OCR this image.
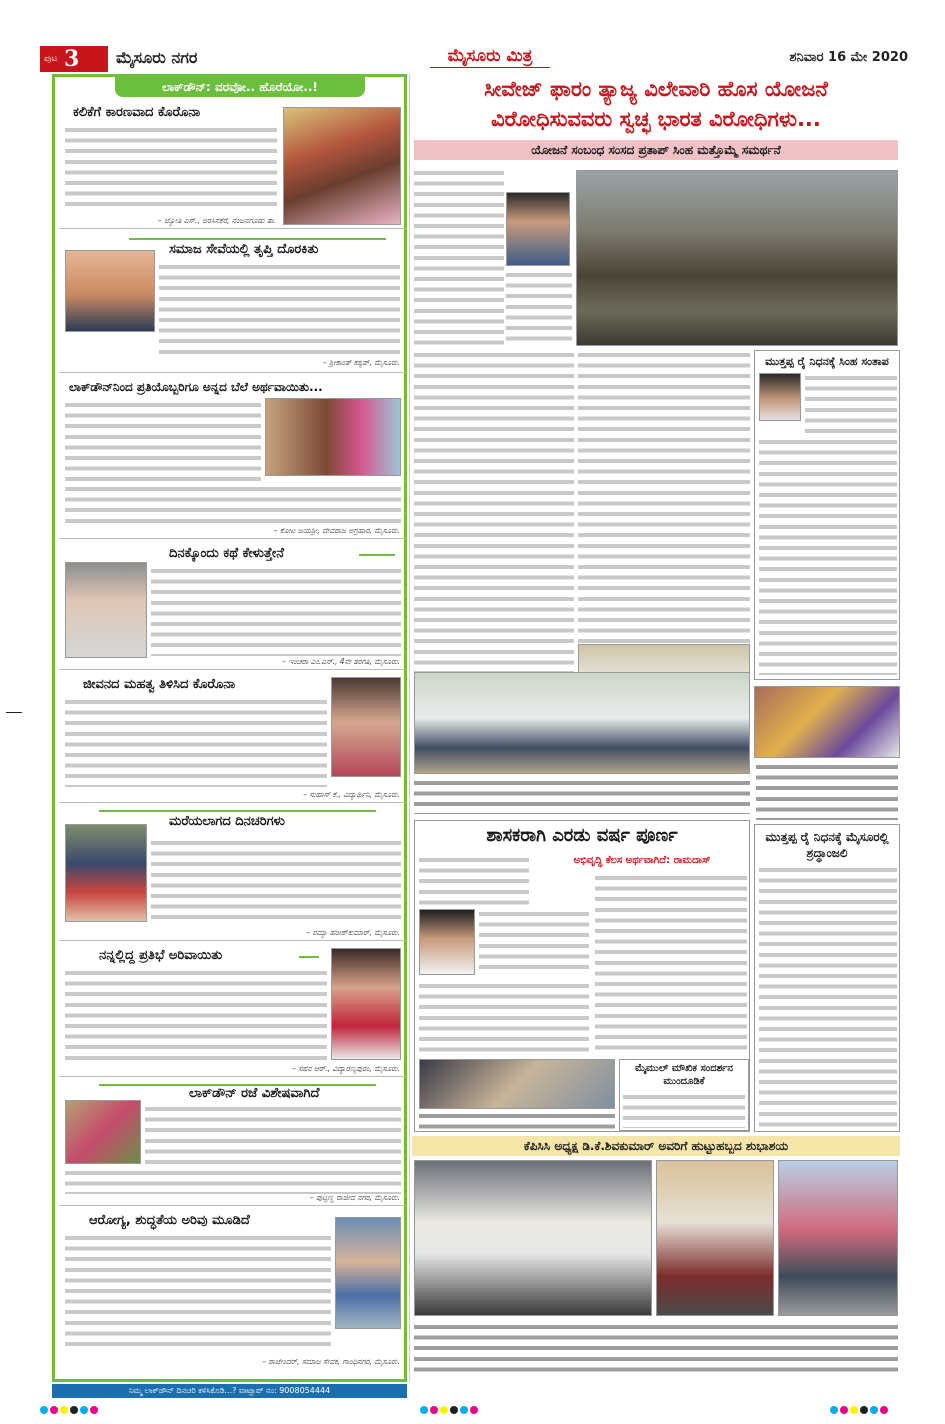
ಪುಟ 3 ಮೈಸೂರು ನಗರ	ಮೈಸೂರು ಮಿತ್ರ	ಶನಿವಾರ 16 ಮೇ 2020
ಲಾಕ್‌ಡೌನ್: ವರವೋ.. ಹೊರೆಯೋ..!
ಕಲಿಕೆಗೆ ಕಾರಣವಾದ ಕೊರೊನಾ
– ಜ್ಯೋತಿ ಎಸ್., ಅರಸಿನಕೆರೆ, ನಂಜನಗೂಡು ತಾ.
ಸಮಾಜ ಸೇವೆಯಲ್ಲಿ ತೃಪ್ತಿ ದೊರಕಿತು
– ಶ್ರೀಕಾಂತ್ ಕಶ್ಯಪ್, ಮೈಸೂರು.
ಲಾಕ್‌ಡೌನ್‌ನಿಂದ ಪ್ರತಿಯೊಬ್ಬರಿಗೂ ಅನ್ನದ ಬೆಲೆ ಅರ್ಥವಾಯಿತು...
– ಕೋಟ ಜಯಶ್ರೀ, ದೇವರಾಜ ಅಗ್ರಹಾರ, ಮೈಸೂರು.
ದಿನಕ್ಕೊಂದು ಕಥೆ ಕೇಳುತ್ತೇನೆ
– ಇಂಚರಾ ಎಂ.ಎನ್., 4ನೇ ತರಗತಿ, ಮೈಸೂರು.
ಜೀವನದ ಮಹತ್ವ ತಿಳಿಸಿದ ಕೊರೊನಾ
– ಸುಹಾಸ್ ಕೆ., ವಿದ್ಯಾರ್ಥಿನಿ, ಮೈಸೂರು.
ಮರೆಯಲಾಗದ ದಿನಚರಿಗಳು
– ರಮ್ಯಾ ಹರೀಶ್‌ಕುಮಾರ್, ಮೈಸೂರು.
ನನ್ನಲ್ಲಿದ್ದ ಪ್ರತಿಭೆ ಅರಿವಾಯಿತು
– ಸಹನ ಆರ್., ವಿದ್ಯಾರಣ್ಯಪುರಂ, ಮೈಸೂರು.
ಲಾಕ್‌ಡೌನ್ ರಜೆ ವಿಶೇಷವಾಗಿದೆ
– ಪುಟ್ಟಣ್ಣ ರಾಜೀವ ನಗರ, ಮೈಸೂರು.
ಆರೋಗ್ಯ, ಶುದ್ಧತೆಯ ಅರಿವು ಮೂಡಿದೆ
– ರಾಜೇಂದರ್, ಸಮಾಜ ಸೇವಕ, ಗಾಂಧಿನಗರ, ಮೈಸೂರು.
ನಿಮ್ಮ ಲಾಕ್‌ಡೌನ್ ದಿನಚರಿ ಕಳಿಸಿಕೊಡಿ...? ವಾಟ್ಸಾಪ್ ನಂ: 9008054444
ಸೀವೇಜ್ ಫಾರಂ ತ್ಯಾಜ್ಯ ವಿಲೇವಾರಿ ಹೊಸ ಯೋಜನೆ
ವಿರೋಧಿಸುವವರು ಸ್ವಚ್ಛ ಭಾರತ ವಿರೋಧಿಗಳು...
ಯೋಜನೆ ಸಂಬಂಧ ಸಂಸದ ಪ್ರತಾಪ್ ಸಿಂಹ ಮತ್ತೊಮ್ಮೆ ಸಮರ್ಥನೆ
ಮುತ್ತಪ್ಪ ರೈ ನಿಧನಕ್ಕೆ ಸಿಂಹ ಸಂತಾಪ
ಮುತ್ತಪ್ಪ ರೈ ನಿಧನಕ್ಕೆ ಮೈಸೂರಲ್ಲಿ ಶ್ರದ್ಧಾಂಜಲಿ
ಶಾಸಕರಾಗಿ ಎರಡು ವರ್ಷ ಪೂರ್ಣ
ಅಭಿವೃದ್ಧಿ ಕೆಲಸ ಅರ್ಥವಾಗಿದೆ: ರಾಮದಾಸ್
ಮೈಮುಲ್ ಮೌಖಿಕ ಸಂದರ್ಶನ ಮುಂದೂಡಿಕೆ
ಕೆಪಿಸಿಸಿ ಅಧ್ಯಕ್ಷ ಡಿ.ಕೆ.ಶಿವಕುಮಾರ್ ಅವರಿಗೆ ಹುಟ್ಟುಹಬ್ಬದ ಶುಭಾಶಯ
